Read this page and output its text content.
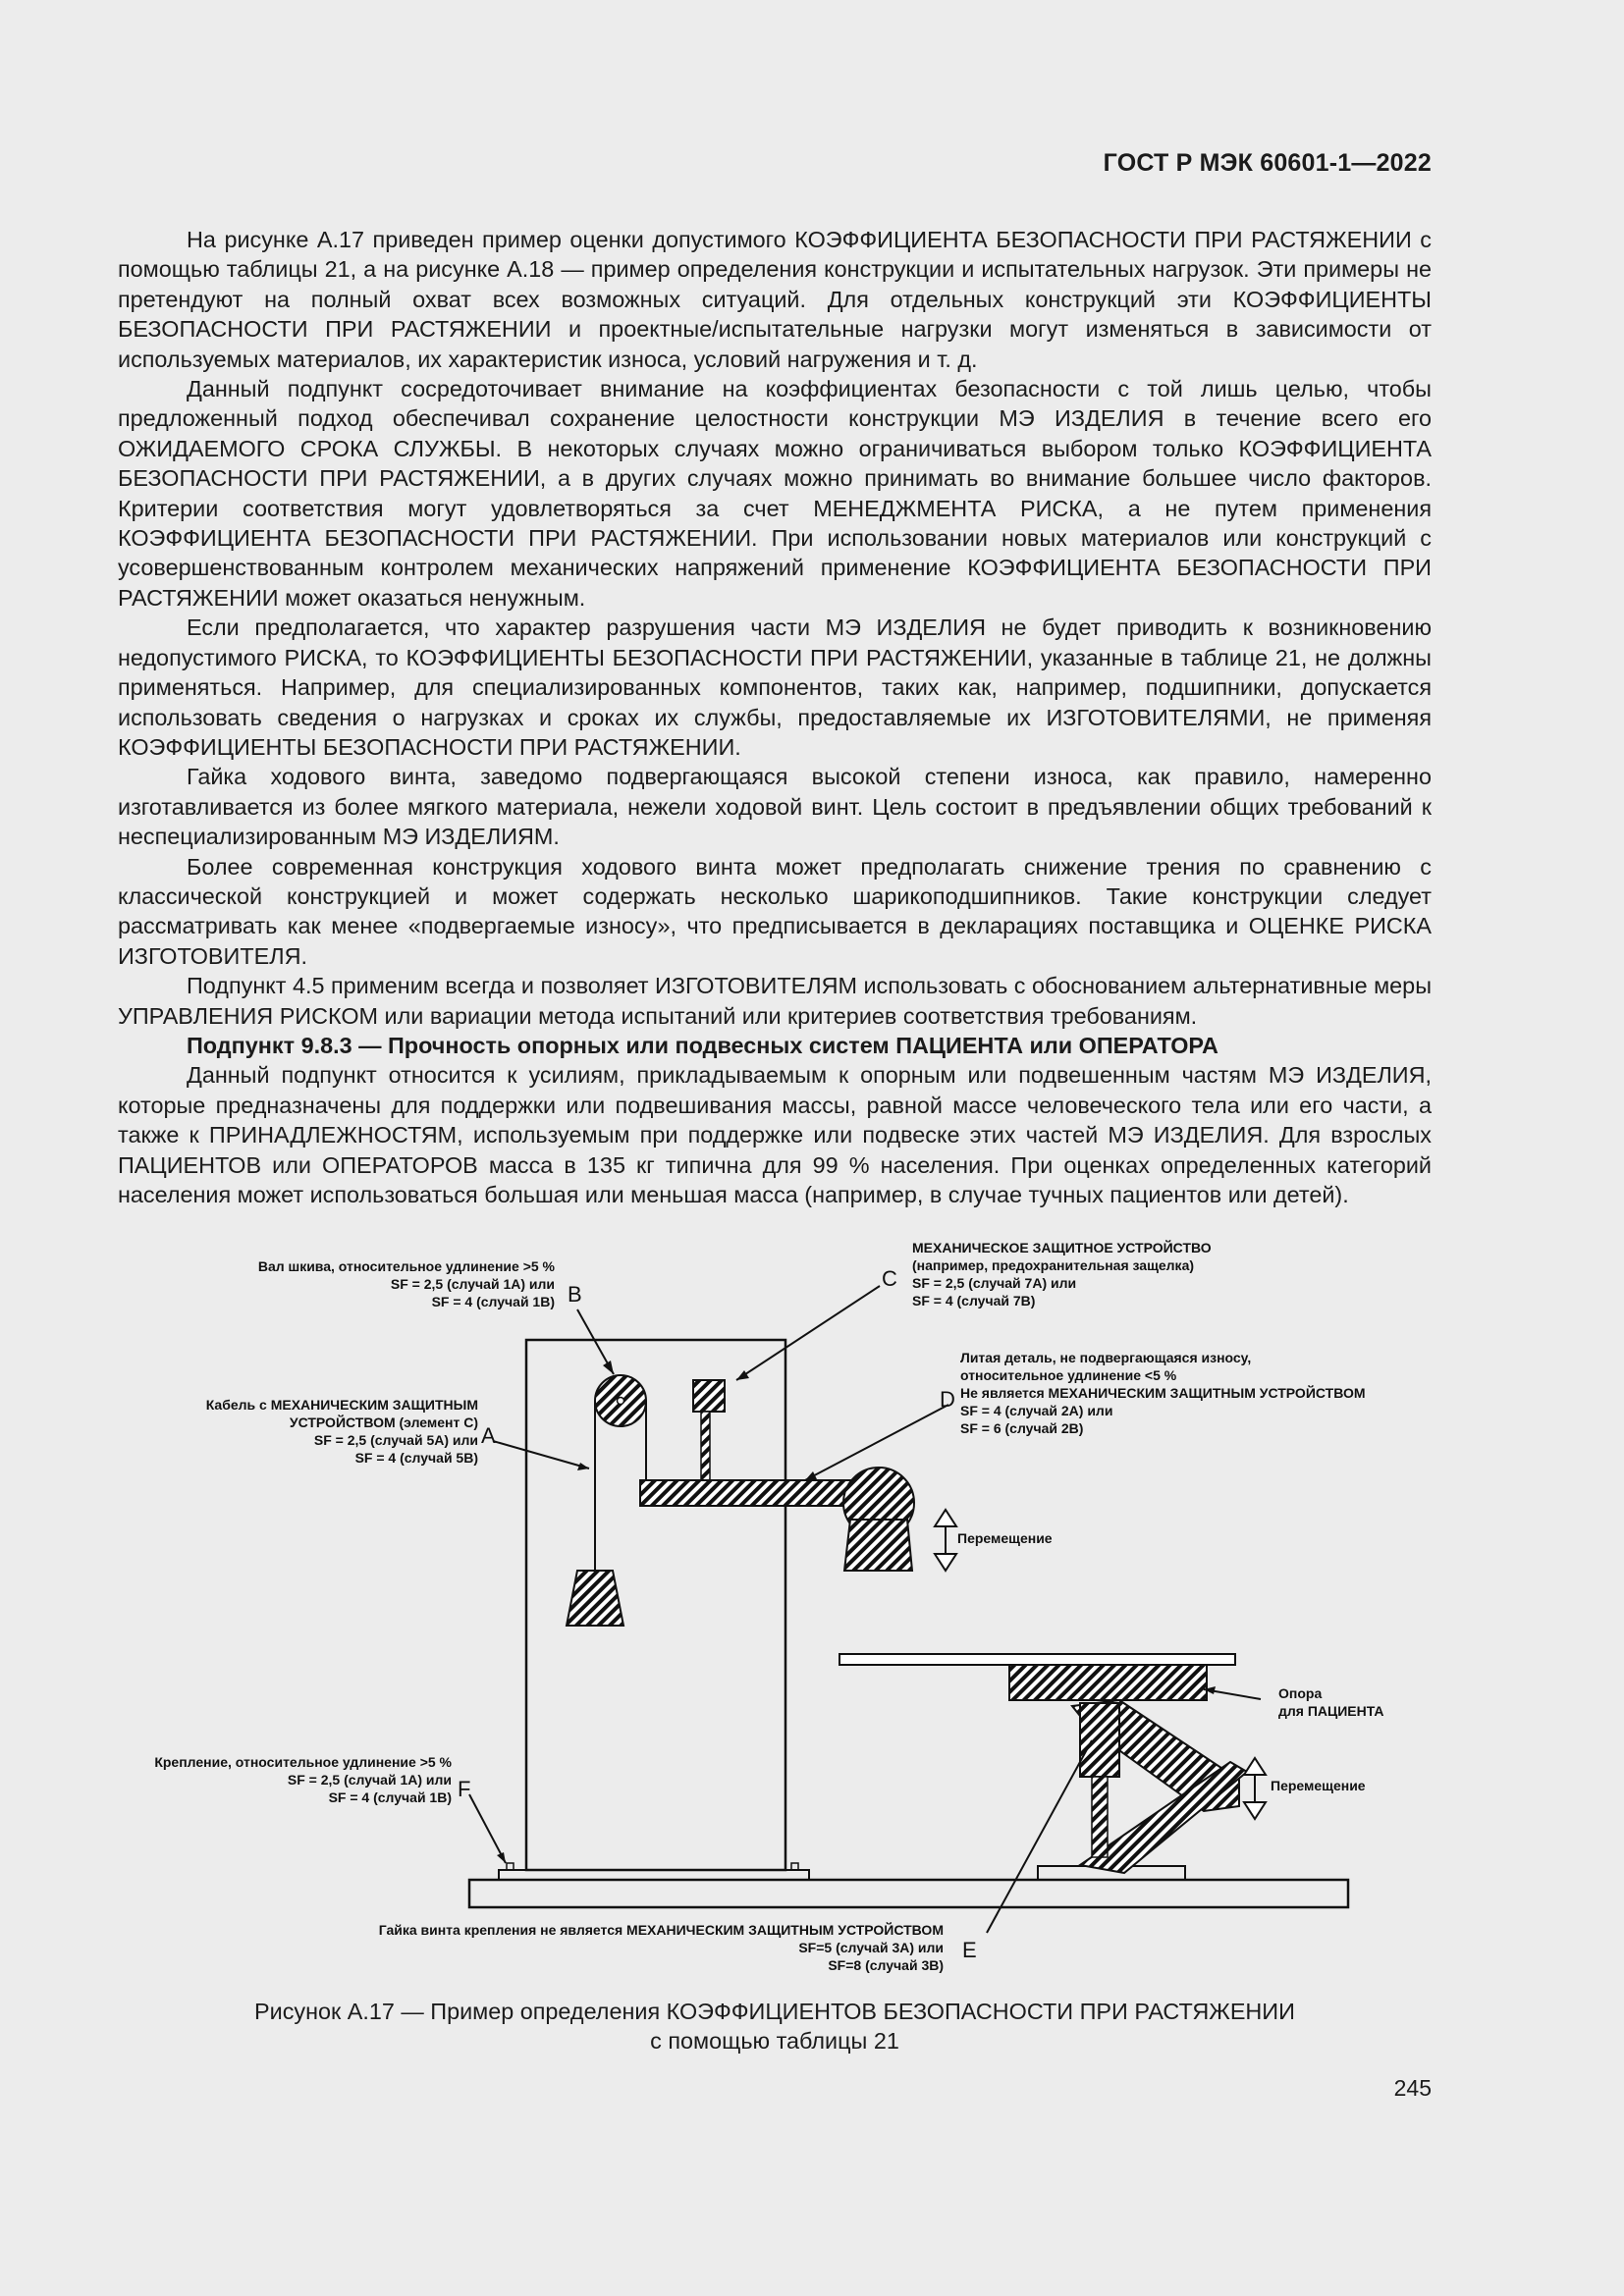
ГОСТ Р МЭК 60601-1—2022

На рисунке А.17 приведен пример оценки допустимого КОЭФФИЦИЕНТА БЕЗОПАСНОСТИ ПРИ РАСТЯЖЕНИИ с помощью таблицы 21, а на рисунке А.18 — пример определения конструкции и испытательных нагрузок. Эти примеры не претендуют на полный охват всех возможных ситуаций. Для отдельных конструкций эти КОЭФФИЦИЕНТЫ БЕЗОПАСНОСТИ ПРИ РАСТЯЖЕНИИ и проектные/испытательные нагрузки могут изменяться в зависимости от используемых материалов, их характеристик износа, условий нагружения и т. д.

Данный подпункт сосредоточивает внимание на коэффициентах безопасности с той лишь целью, чтобы предложенный подход обеспечивал сохранение целостности конструкции МЭ ИЗДЕЛИЯ в течение всего его ОЖИДАЕМОГО СРОКА СЛУЖБЫ. В некоторых случаях можно ограничиваться выбором только КОЭФФИЦИЕНТА БЕЗОПАСНОСТИ ПРИ РАСТЯЖЕНИИ, а в других случаях можно принимать во внимание большее число факторов. Критерии соответствия могут удовлетворяться за счет МЕНЕДЖМЕНТА РИСКА, а не путем применения КОЭФФИЦИЕНТА БЕЗОПАСНОСТИ ПРИ РАСТЯЖЕНИИ. При использовании новых материалов или конструкций с усовершенствованным контролем механических напряжений применение КОЭФФИЦИЕНТА БЕЗОПАСНОСТИ ПРИ РАСТЯЖЕНИИ может оказаться ненужным.

Если предполагается, что характер разрушения части МЭ ИЗДЕЛИЯ не будет приводить к возникновению недопустимого РИСКА, то КОЭФФИЦИЕНТЫ БЕЗОПАСНОСТИ ПРИ РАСТЯЖЕНИИ, указанные в таблице 21, не должны применяться. Например, для специализированных компонентов, таких как, например, подшипники, допускается использовать сведения о нагрузках и сроках их службы, предоставляемые их ИЗГОТОВИТЕЛЯМИ, не применяя КОЭФФИЦИЕНТЫ БЕЗОПАСНОСТИ ПРИ РАСТЯЖЕНИИ.

Гайка ходового винта, заведомо подвергающаяся высокой степени износа, как правило, намеренно изготавливается из более мягкого материала, нежели ходовой винт. Цель состоит в предъявлении общих требований к неспециализированным МЭ ИЗДЕЛИЯМ.

Более современная конструкция ходового винта может предполагать снижение трения по сравнению с классической конструкцией и может содержать несколько шарикоподшипников. Такие конструкции следует рассматривать как менее «подвергаемые износу», что предписывается в декларациях поставщика и ОЦЕНКЕ РИСКА ИЗГОТОВИТЕЛЯ.

Подпункт 4.5 применим всегда и позволяет ИЗГОТОВИТЕЛЯМ использовать с обоснованием альтернативные меры УПРАВЛЕНИЯ РИСКОМ или вариации метода испытаний или критериев соответствия требованиям.

Подпункт 9.8.3 — Прочность опорных или подвесных систем ПАЦИЕНТА или ОПЕРАТОРА

Данный подпункт относится к усилиям, прикладываемым к опорным или подвешенным частям МЭ ИЗДЕЛИЯ, которые предназначены для поддержки или подвешивания массы, равной массе человеческого тела или его части, а также к ПРИНАДЛЕЖНОСТЯМ, используемым при поддержке или подвеске этих частей МЭ ИЗДЕЛИЯ. Для взрослых ПАЦИЕНТОВ или ОПЕРАТОРОВ масса в 135 кг типична для 99 % населения. При оценках определенных категорий населения может использоваться большая или меньшая масса (например, в случае тучных пациентов или детей).

B
C
D
A
F
E
Вал шкива, относительное удлинение >5 %
SF = 2,5 (случай 1А) или
SF = 4 (случай 1В)
Кабель с МЕХАНИЧЕСКИМ ЗАЩИТНЫМ
УСТРОЙСТВОМ (элемент С)
SF = 2,5 (случай 5А) или
SF = 4 (случай 5В)
МЕХАНИЧЕСКОЕ ЗАЩИТНОЕ УСТРОЙСТВО
(например, предохранительная защелка)
SF = 2,5 (случай 7А) или
SF = 4 (случай 7В)
Литая деталь, не подвергающаяся износу,
относительное удлинение <5 %
Не является МЕХАНИЧЕСКИМ ЗАЩИТНЫМ УСТРОЙСТВОМ
SF = 4 (случай 2А) или
SF = 6 (случай 2В)
Перемещение
Опора
для ПАЦИЕНТА
Перемещение
Крепление, относительное удлинение >5 %
SF = 2,5 (случай 1А) или
SF = 4 (случай 1В)
Гайка винта крепления не является МЕХАНИЧЕСКИМ ЗАЩИТНЫМ УСТРОЙСТВОМ
SF=5 (случай 3А) или
SF=8 (случай 3В)
Рисунок А.17 — Пример определения КОЭФФИЦИЕНТОВ БЕЗОПАСНОСТИ ПРИ РАСТЯЖЕНИИ
с помощью таблицы 21
245
